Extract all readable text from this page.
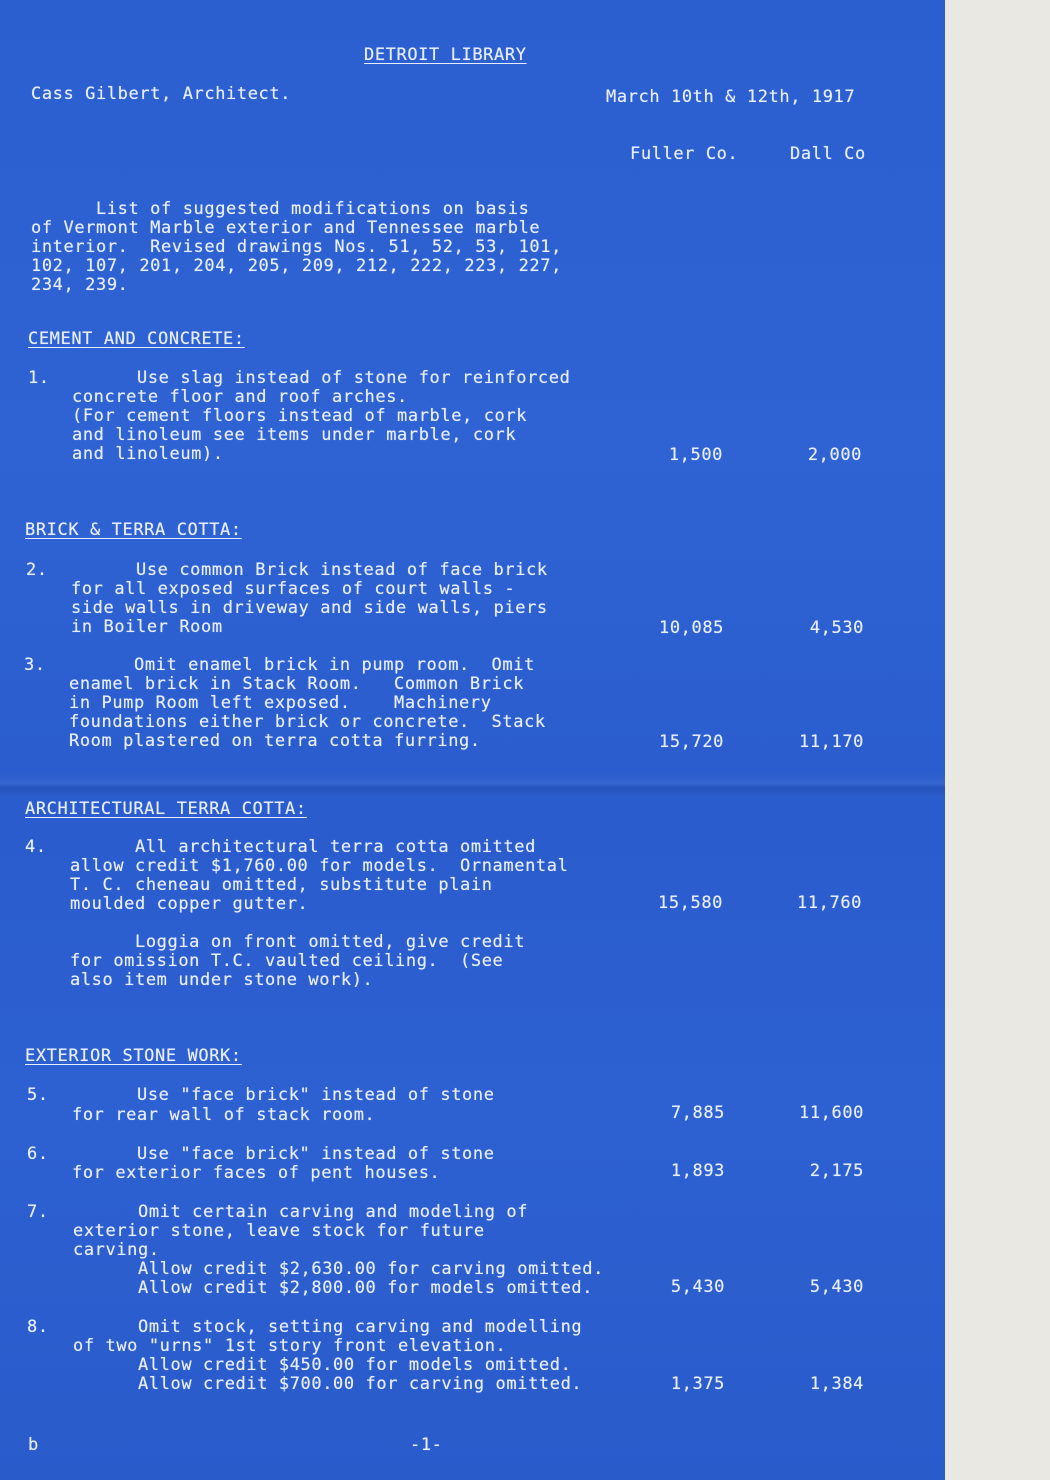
DETROIT LIBRARY
Cass Gilbert, Architect.	March 10th & 12th, 1917
Fuller Co.	Dall Co
List of suggested modifications on basis
of Vermont Marble exterior and Tennessee marble
interior.  Revised drawings Nos. 51, 52, 53, 101,
102, 107, 201, 204, 205, 209, 212, 222, 223, 227,
234, 239.
CEMENT AND CONCRETE:
1. Use slag instead of stone for reinforced
concrete floor and roof arches.
(For cement floors instead of marble, cork
and linoleum see items under marble, cork
and linoleum).	1,500	2,000
BRICK & TERRA COTTA:
2. Use common Brick instead of face brick
for all exposed surfaces of court walls -
side walls in driveway and side walls, piers
in Boiler Room	10,085	4,530
3. Omit enamel brick in pump room.  Omit
enamel brick in Stack Room.   Common Brick
in Pump Room left exposed.    Machinery
foundations either brick or concrete.  Stack
Room plastered on terra cotta furring.	15,720	11,170
ARCHITECTURAL TERRA COTTA:
4. All architectural terra cotta omitted
allow credit $1,760.00 for models.  Ornamental
T. C. cheneau omitted, substitute plain
moulded copper gutter.	15,580	11,760
Loggia on front omitted, give credit
for omission T.C. vaulted ceiling.  (See
also item under stone work).
EXTERIOR STONE WORK:
5. Use "face brick" instead of stone
for rear wall of stack room.	7,885	11,600
6. Use "face brick" instead of stone
for exterior faces of pent houses.	1,893	2,175
7. Omit certain carving and modeling of
exterior stone, leave stock for future
carving.
Allow credit $2,630.00 for carving omitted.
Allow credit $2,800.00 for models omitted.	5,430	5,430
8. Omit stock, setting carving and modelling
of two "urns" 1st story front elevation.
Allow credit $450.00 for models omitted.
Allow credit $700.00 for carving omitted.	1,375	1,384
b	-1-
